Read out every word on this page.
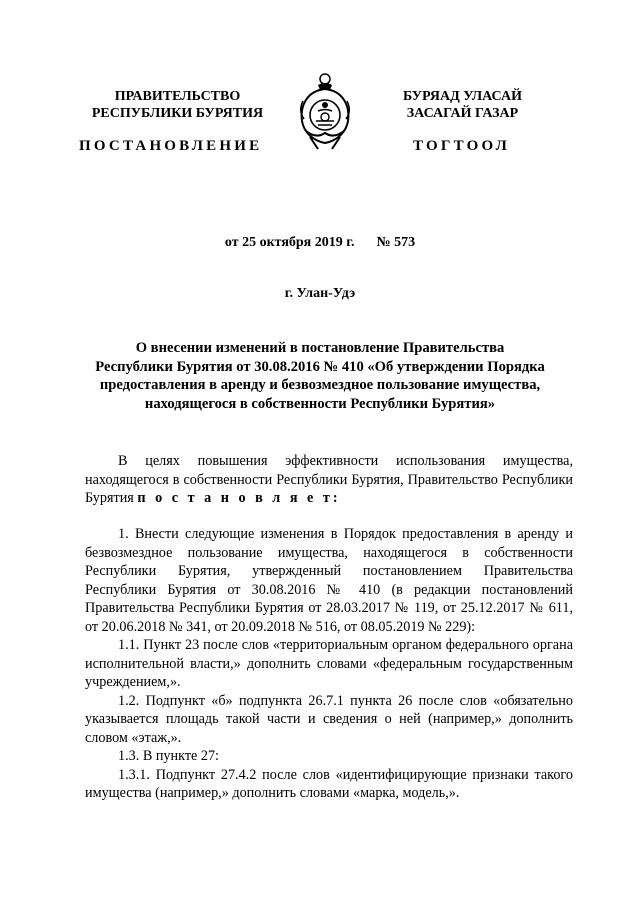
ПРАВИТЕЛЬСТВО
РЕСПУБЛИКИ БУРЯТИЯ
БУРЯАД УЛАСАЙ
ЗАСАГАЙ ГАЗАР
ПОСТАНОВЛЕНИЕ	ТОГТООЛ
от 25 октября 2019 г. № 573
г. Улан-Удэ
О внесении изменений в постановление Правительства
Республики Бурятия от 30.08.2016 № 410 «Об утверждении Порядка
предоставления в аренду и безвозмездное пользование имущества,
находящегося в собственности Республики Бурятия»

В целях повышения эффективности использования имущества, находящегося в собственности Республики Бурятия, Правительство Республики Бурятия п о с т а н о в л я е т:

1. Внести следующие изменения в Порядок предоставления в аренду и безвозмездное пользование имущества, находящегося в собственности Республики Бурятия, утвержденный постановлением Правительства Республики Бурятия от 30.08.2016 № 410 (в редакции постановлений Правительства Республики Бурятия от 28.03.2017 № 119, от 25.12.2017 № 611, от 20.06.2018 № 341, от 20.09.2018 № 516, от 08.05.2019 № 229):

1.1. Пункт 23 после слов «территориальным органом федерального органа исполнительной власти,» дополнить словами «федеральным государственным учреждением,».

1.2. Подпункт «б» подпункта 26.7.1 пункта 26 после слов «обязательно указывается площадь такой части и сведения о ней (например,» дополнить словом «этаж,».

1.3. В пункте 27:

1.3.1. Подпункт 27.4.2 после слов «идентифицирующие признаки такого имущества (например,» дополнить словами «марка, модель,».
